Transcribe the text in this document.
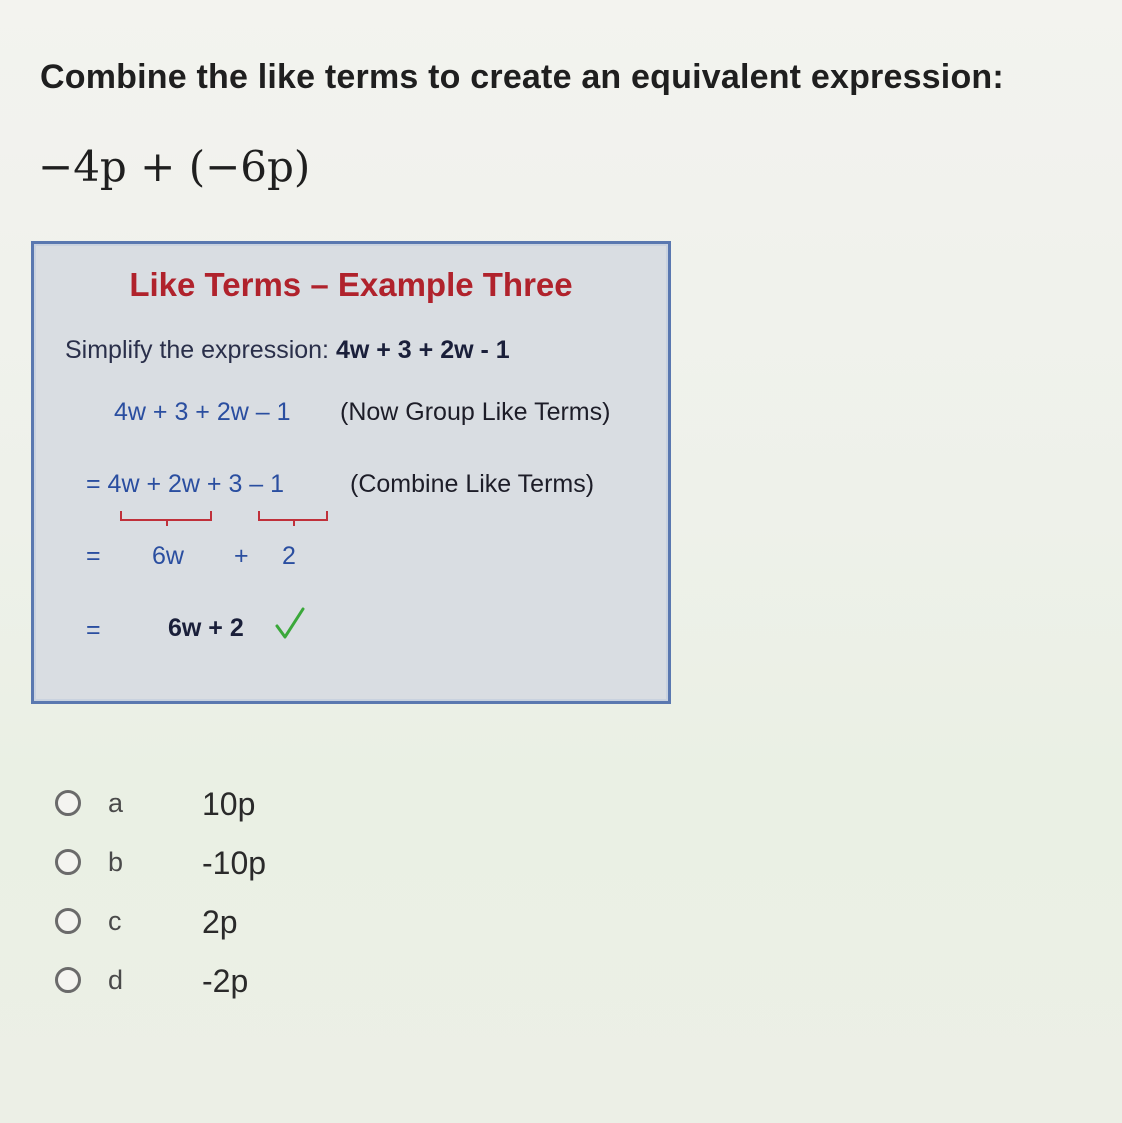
Combine the like terms to create an equivalent expression:
−4p + (−6p)
Like Terms – Example Three
Simplify the expression: 4w + 3 + 2w - 1
4w + 3 + 2w – 1 (Now Group Like Terms)
= 4w + 2w + 3 – 1	(Combine Like Terms)
= 6w + 2
=	6w + 2
a 10p
b -10p
c	2p
d -2p
